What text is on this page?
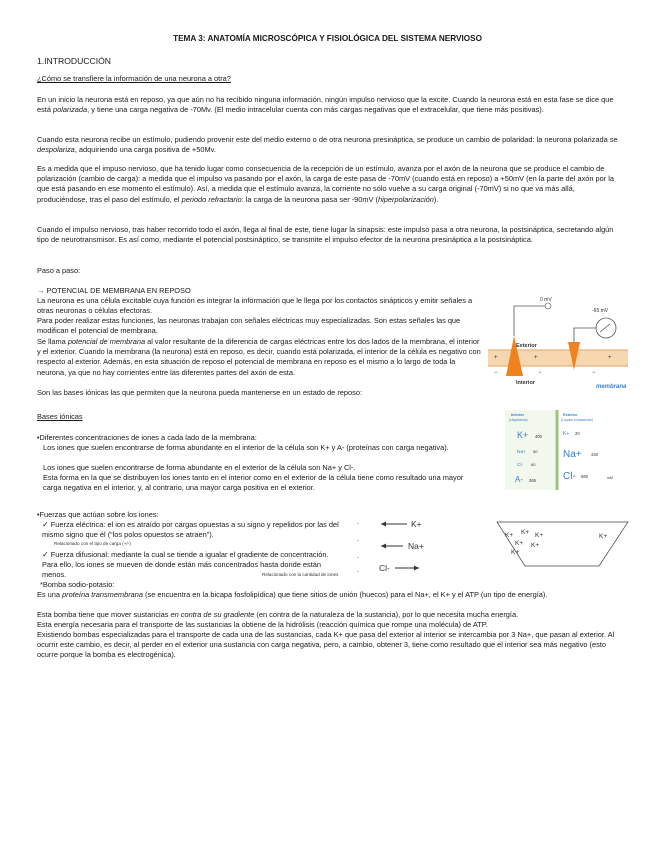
TEMA 3: ANATOMÍA MICROSCÓPICA Y FISIOLÓGICA DEL SISTEMA NERVIOSO
1.INTRODUCCIÓN
¿Cómo se transfiere la información de una neurona a otra?
En un inicio la neurona está en reposo, ya que aún no ha recibido ninguna información, ningún impulso nervioso que la excite. Cuando la neurona está en esta fase se dice que está polarizada, y tiene una carga negativa de -70Mv. (El medio intracelular cuenta con más cargas negativas que el extracelular, que tiene más positivas).
Cuando esta neurona recibe un estímulo, pudiendo provenir este del medio externo o de otra neurona presináptica, se produce un cambio de polaridad: la neurona polarizada se despolariza, adquiriendo una carga positiva de +50Mv.
Es a medida que el impuso nervioso, que ha tenido lugar como consecuencia de la recepción de un estímulo, avanza por el axón de la neurona que se produce el cambio de polarización (cambio de carga): a medida que el impulso va pasando por el axón, la carga de este pasa de -70mV (cuando está en reposo) a +50mV (en la parte del axón por la que está pasando en ese momento el estímulo). Así, a medida que el estímulo avanza, la corriente no sólo vuelve a su carga original (-70mV) si no que va más allá, produciéndose, tras el paso del estímulo, el periodo refractario: la carga de la neurona pasa ser -90mV (hiperpolarización).
Cuando el impulso nervioso, tras haber recorrido todo el axón, llega al final de este, tiene lugar la sinapsis: este impulso pasa a otra neurona, la postsináptica, secretando algún tipo de neurotransmisor. Es así como, mediante el potencial postsináptico, se transmite el impulso efector de la neurona presináptica a la postsináptica.
Paso a paso:
→ POTENCIAL DE MEMBRANA EN REPOSO
La neurona es una célula excitable cuya función es integrar la información que le llega por los contactos sinápticos y emitir señales a otras neuronas o células efectoras.
Para poder realizar estas funciones, las neuronas trabajan con señales eléctricas muy especializadas. Son estas señales las que modifican el potencial de membrana.
Se llama potencial de membrana al valor resultante de la diferencia de cargas eléctricas entre los dos lados de la membrana, el interior y el exterior. Cuando la membrana (la neurona) está en reposo, es decir, cuando está polarizada, el interior de la célula es negativo con respecto al exterior. Además, en esta situación de reposo el potencial de membrana en reposo es el mismo a lo largo de toda la neurona, ya que no hay corrientes entre las diferentes partes del axón de esta.
Son las bases iónicas las que permiten que la neurona pueda mantenerse en un estado de reposo:
Bases iónicas
•Diferentes concentraciones de iones a cada lado de la membrana:
Los iones que suelen encontrarse de forma abundante en el interior de la célula son K+ y A- (proteínas con carga negativa).
Los iones que suelen encontrarse de forma abundante en el exterior de la célula son Na+ y Cl-.
Esta forma en la que se distribuyen los iones tanto en el interior como en el exterior de la célula tiene como resultado una mayor carga negativa en el interior, y, al contrario, una mayor carga positiva en el exterior.
•Fuerzas que actúan sobre los iones:
✓ Fuerza eléctrica: el ion es atraído por cargas opuestas a su signo y repelidos por las del mismo signo que él (“los polos opuestos se atraen”).
Relacionado con el tipo de carga (+/-)
✓ Fuerza difusional: mediante la cual se tiende a igualar el gradiente de concentración. Para ello, los iones se mueven de donde están más concentrados hasta donde están menos.	Relacionado con la cantidad de iones
*Bomba sodio-potasio:
Es una proteína transmembrana (se encuentra en la bicapa fosfolipídica) que tiene sitios de unión (huecos) para el Na+, el K+ y el ATP (un tipo de energía).
Esta bomba tiene que mover sustancias en contra de su gradiente (en contra de la naturaleza de la sustancia), por lo que necesita mucha energía.
Esta energía necesaria para el transporte de las sustancias la obtiene de la hidrólisis (reacción química que rompe una molécula) de ATP.
Existiendo bombas especializadas para el transporte de cada una de las sustancias, cada K+ que pasa del exterior al interior se intercambia por 3 Na+, que pasan al exterior. Al ocurrir este cambio, es decir, al perder en el exterior una sustancia con carga negativa, pero, a cambio, obtener 3, tiene como resultado que el interior sea más negativo (esto ocurre porque la bomba es electrogénica).
0 mV
-65 mV
Exterior
Interior
membrana
+	+	+
−	−	−
Interior
(citoplasma)
Exterior
(Líquido extracelular)
K+ 400
Na+ 50
Cl- 60
A- 365
K+ 20
Na+ 440
Cl- 560	mM
-
-
-
-
K+
Na+
Cl-
K+ K+ K+
K+ K+
K+
K+
